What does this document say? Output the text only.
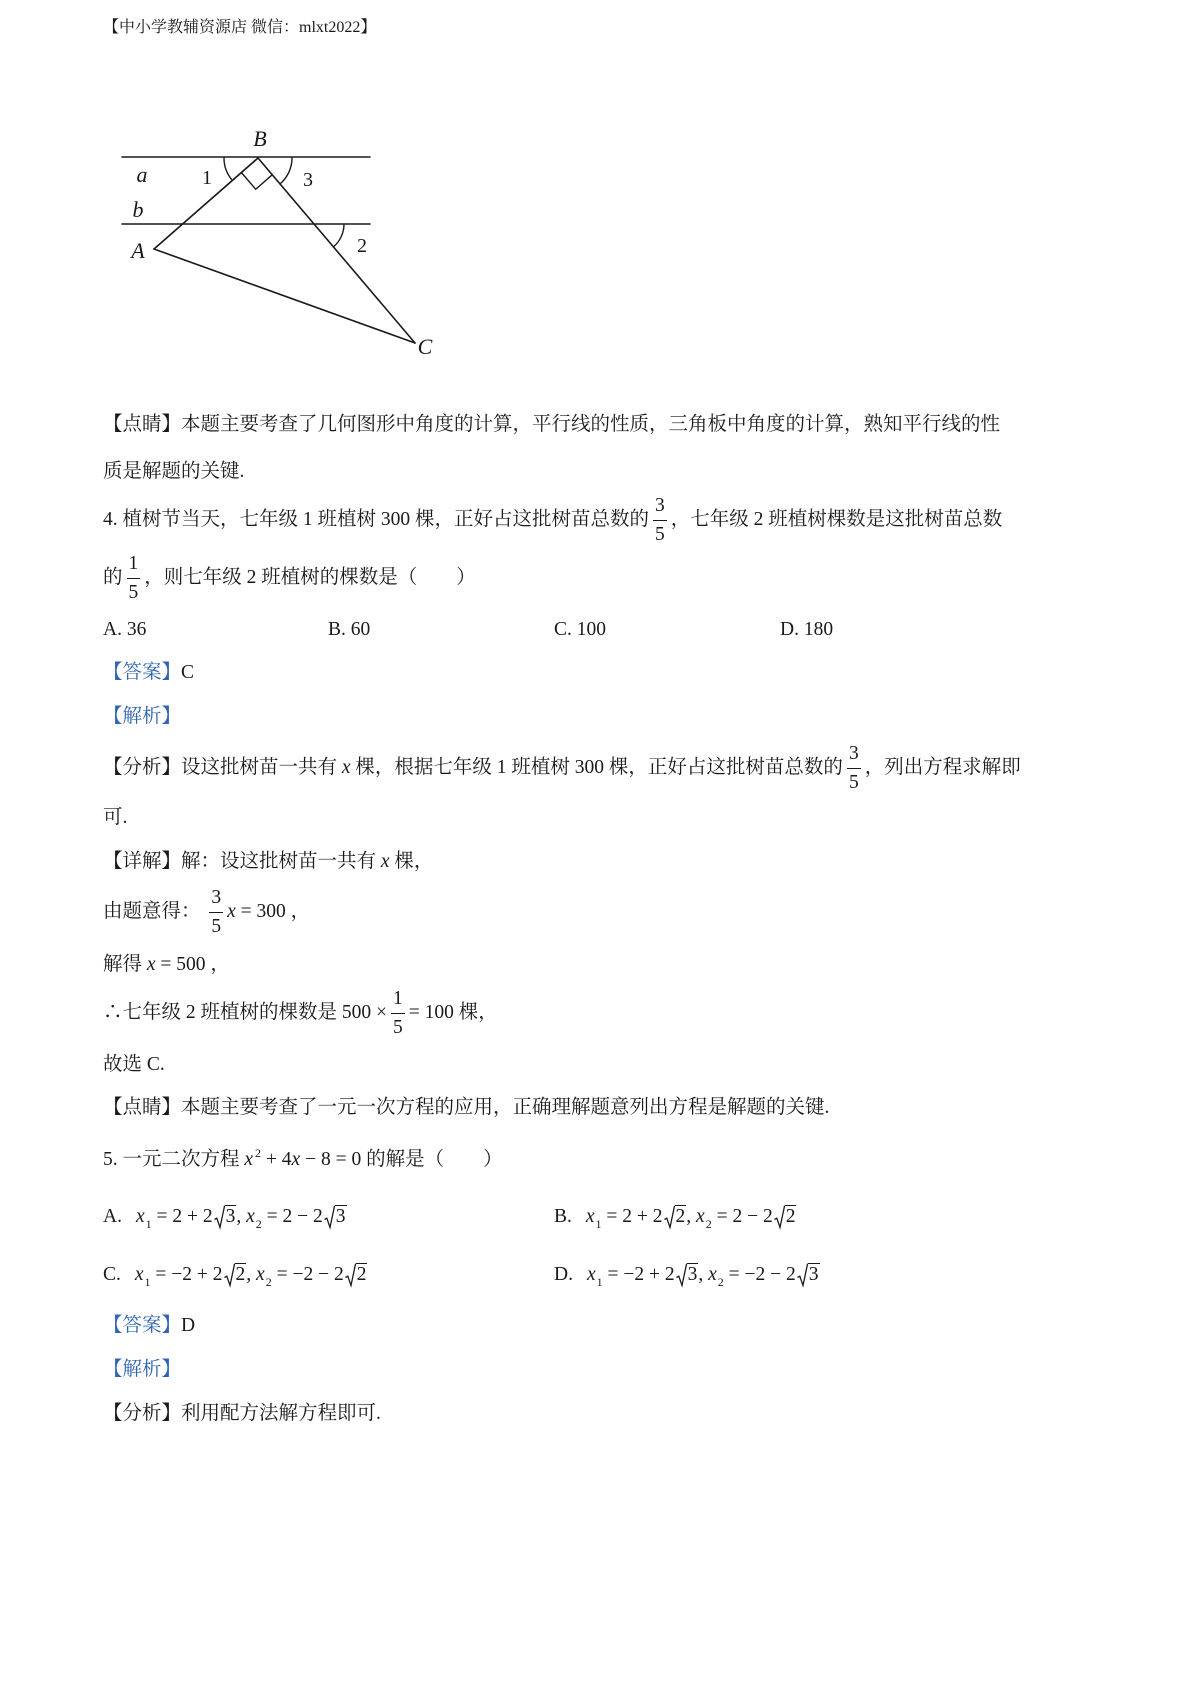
【中小学教辅资源店 微信：mlxt2022】
B
a
b
A
C
1	3
2
【点睛】本题主要考查了几何图形中角度的计算，平行线的性质，三角板中角度的计算，熟知平行线的性
质是解题的关键.
4. 植树节当天，七年级 1 班植树 300 棵，正好占这批树苗总数的 $\frac{3}{5}$ ，七年级 2 班植树棵数是这批树苗总数
的 $\frac{1}{5}$ ，则七年级 2 班植树的棵数是（　　）
A. 36	B. 60	C. 100	D. 180
【答案】 C
【解析】
【分析】设这批树苗一共有 x 棵，根据七年级 1 班植树 300 棵，正好占这批树苗总数的 $\frac{3}{5}$ ，列出方程求解即
可.
【详解】解：设这批树苗一共有 x 棵，
由题意得： $\frac{3}{5}$ x = 300 ，
解得 x = 500 ，
∴七年级 2 班植树的棵数是 $500 \times \frac{1}{5} = 100$ 棵，
故选 C.
【点睛】本题主要考查了一元一次方程的应用，正确理解题意列出方程是解题的关键.
5. 一元二次方程 x $^2$ + 4 x − 8 = 0 的解是（　　）
A. $x_1 = 2 + 2$ 3 , $x_2 = 2 - 2$ 3	B. $x_1 = 2 + 2$ 2 , $x_2 = 2 - 2$ 2
C. $x_1 = -2 + 2$ 2 , $x_2 = -2 - 2$ 2	D. $x_1 = -2 + 2$ 3 , $x_2 = -2 - 2$ 3
【答案】 D
【解析】
【分析】利用配方法解方程即可.
